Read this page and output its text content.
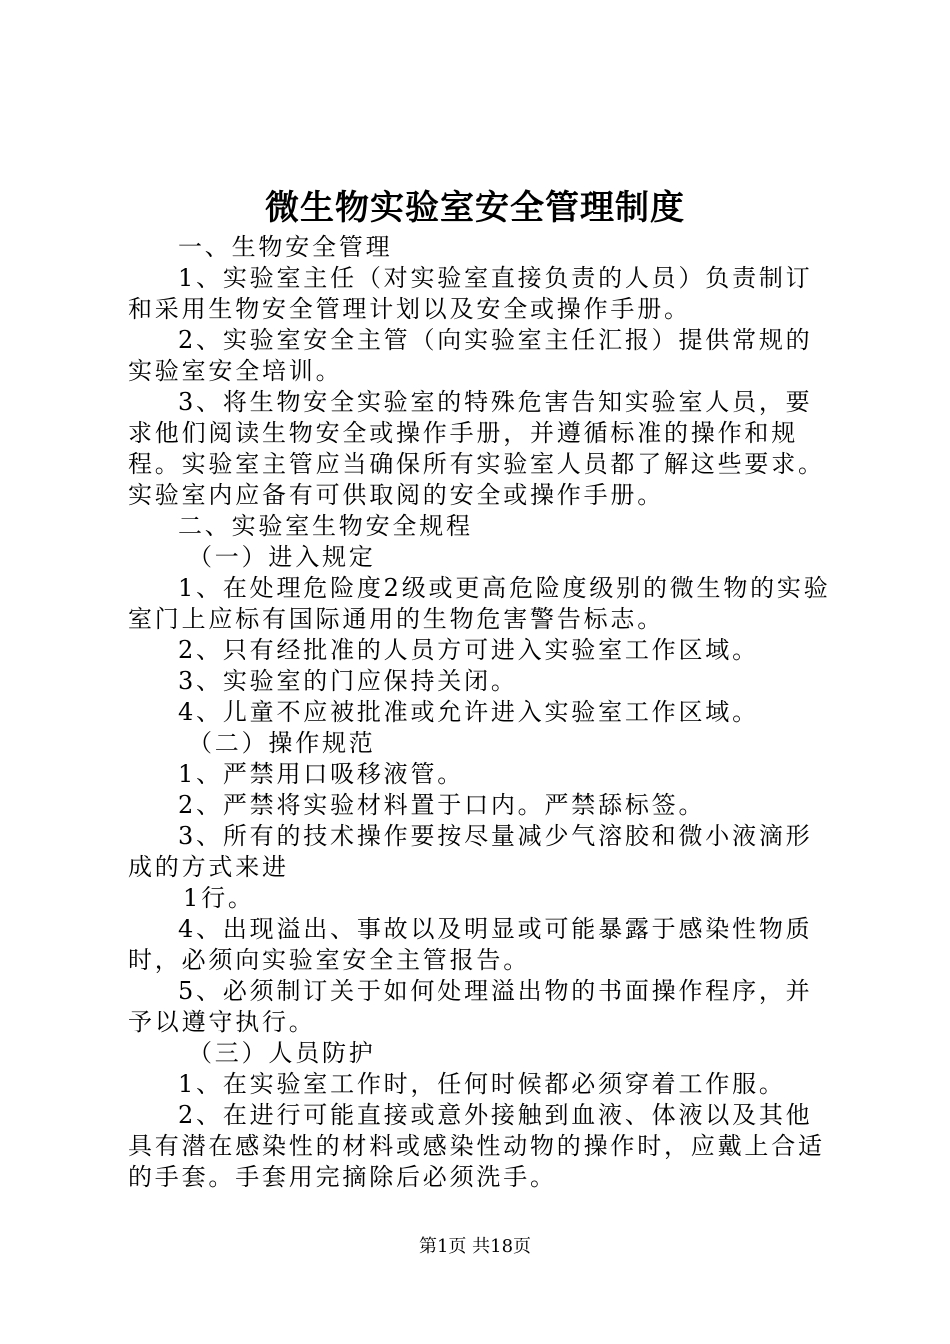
微生物实验室安全管理制度

一、生物安全管理

1、实验室主任（对实验室直接负责的人员）负责制订和采用生物安全管理计划以及安全或操作手册。

2、实验室安全主管（向实验室主任汇报）提供常规的实验室安全培训。

3、将生物安全实验室的特殊危害告知实验室人员，要求他们阅读生物安全或操作手册，并遵循标准的操作和规程。实验室主管应当确保所有实验室人员都了解这些要求。实验室内应备有可供取阅的安全或操作手册。

二、实验室生物安全规程

（一）进入规定

1、在处理危险度2级或更高危险度级别的微生物的实验室门上应标有国际通用的生物危害警告标志。

2、只有经批准的人员方可进入实验室工作区域。

3、实验室的门应保持关闭。

4、儿童不应被批准或允许进入实验室工作区域。

（二）操作规范

1、严禁用口吸移液管。

2、严禁将实验材料置于口内。严禁舔标签。

3、所有的技术操作要按尽量减少气溶胶和微小液滴形成的方式来进

1行。

4、出现溢出、事故以及明显或可能暴露于感染性物质时，必须向实验室安全主管报告。

5、必须制订关于如何处理溢出物的书面操作程序，并予以遵守执行。

（三）人员防护

1、在实验室工作时，任何时候都必须穿着工作服。

2、在进行可能直接或意外接触到血液、体液以及其他具有潜在感染性的材料或感染性动物的操作时，应戴上合适的手套。手套用完摘除后必须洗手。

第1页 共18页
